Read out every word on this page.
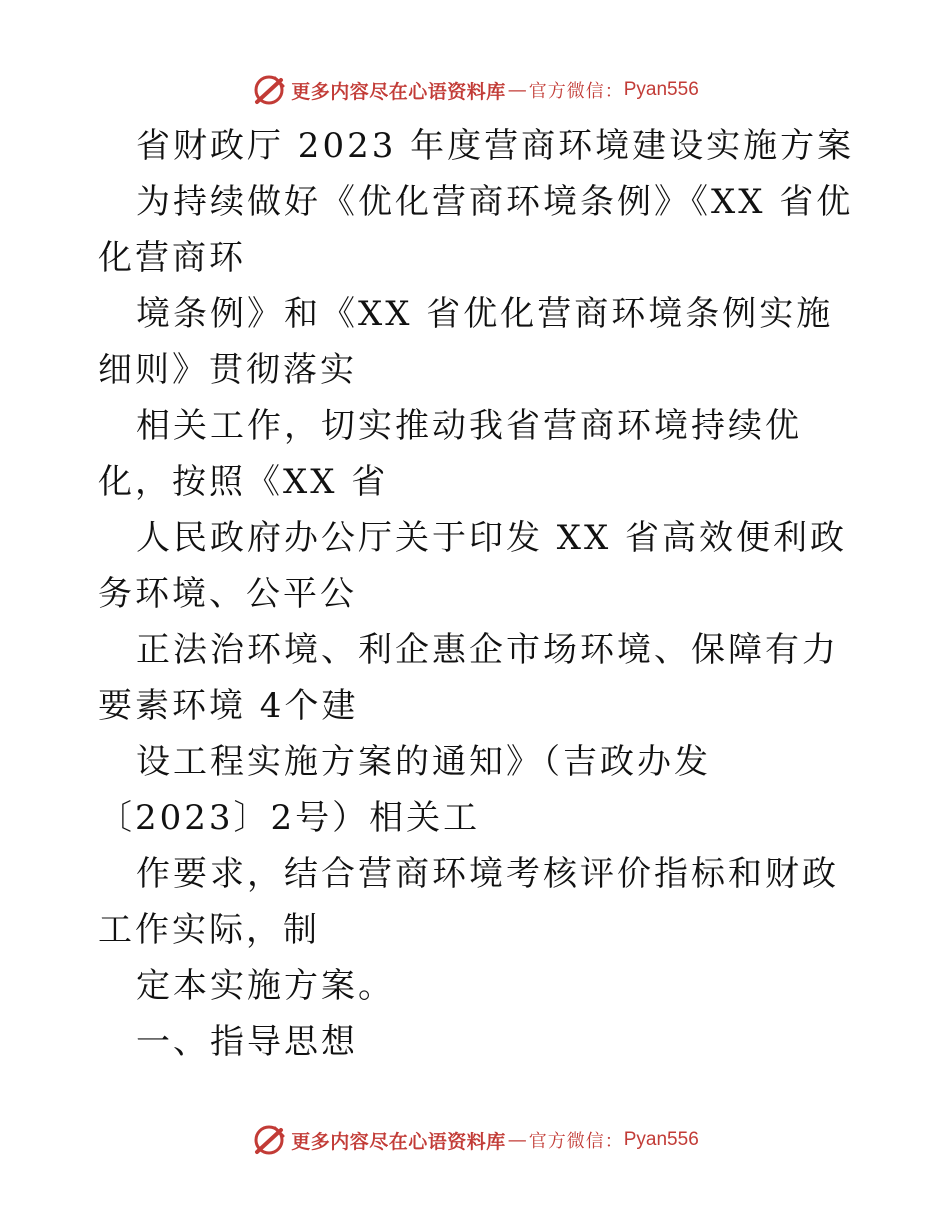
更多内容尽在心语资料库 — 官方微信： Pyan556

省财政厅 2023 年度营商环境建设实施方案

为持续做好《优化营商环境条例》《XX 省优化营商环

境条例》和《XX 省优化营商环境条例实施细则》贯彻落实

相关工作，切实推动我省营商环境持续优化，按照《XX 省

人民政府办公厅关于印发 XX 省高效便利政务环境、公平公

正法治环境、利企惠企市场环境、保障有力要素环境 4个建

设工程实施方案的通知》（吉政办发〔2023〕2号）相关工

作要求，结合营商环境考核评价指标和财政工作实际，制

定本实施方案。

一、指导思想

更多内容尽在心语资料库 — 官方微信： Pyan556
